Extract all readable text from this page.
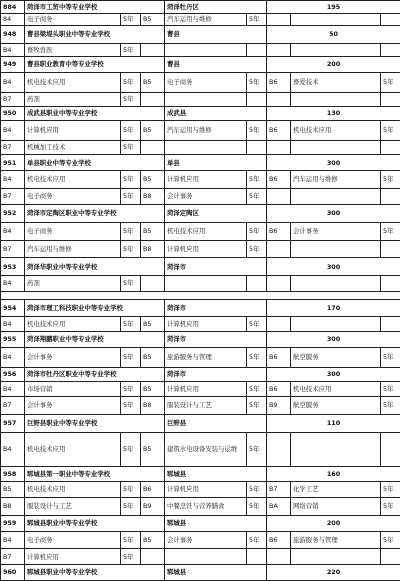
884	菏泽市工贸中等专业学校			菏泽牡丹区		195		
84	电子商务	5年	B5	汽车运用与维修	5年			
948	曹县梁堤头职业中等专业学校			曹县		50		
B4	畜牧兽医	5年						
949	曹县职业教育中等专业学校			曹县		200		
B4	机电技术应用	5年	B5	电子商务	5年	B6	畜爱技术	5年
B7	药剂	5年						
950	成武县职业中等专业学校			成武县		130		
B4	计算机应用	5年	B5	汽车运用与维修	5年	B6	机电技术应用	5年
B7	机械加工技术	5年						
951	单县职业中等专业学校			单县		300		
B4	机电技术应用	5年	B5	计算机应用	5年	B6	汽车运用与维修	5年
B7	电子商务	5年	B8	会计事务	5年			
952	菏泽市定陶区职业中等专业学校			菏泽定陶区		300		
B4	电子商务	5年	B5	机电技术应用	5年	B6	会计事务	5年
B7	汽车运用与维修	5年	B8	计算机应用	5年			
953	菏泽华职业中等专业学校			菏泽市		300		
B4	药剂	5年						

954	菏泽市理工科技职业中等专业学校			菏泽市		170		
B4	机电技术应用	5年	B5	计算机应用	5年			
955	菏泽翔鹏职业中等专业学校			菏泽市		300		
B4	会计事务	5年	B5	旅游服务与管理	5年	B6	航空服务	5年
956	菏泽市牡丹区职业中等专业学校			菏泽市		300		
B4	市场营销	5年	B5	计算机应用	5年	B6	机电技术应用	5年
B7	会计事务	5年	B8	服装设计与工艺	5年	B9	航空服务	5年
957	巨野县职业中等专业学校			巨野县		110		
B4	机电技术应用	5年	B5	建筑水电设备安装与运维	5年			
958	郓城县第一职业中等专业学校			郓城县		160		
B5	机电技术应用	5年	B6	计算机应用	5年	B7	化学工艺	5年
B8	服装设计与工艺	5年	B9	中餐烹饪与营养膳食	5年	BA	网络营销	5年
959	郓城县职业中等专业学校			郓城县		200		
B4	电子商务	5年	B5	会计事务	5年	B6	旅游服务与管理	5年
B7	计算机应用	5年						
960	郓城县职业中等专业学校			郓城县		220		
